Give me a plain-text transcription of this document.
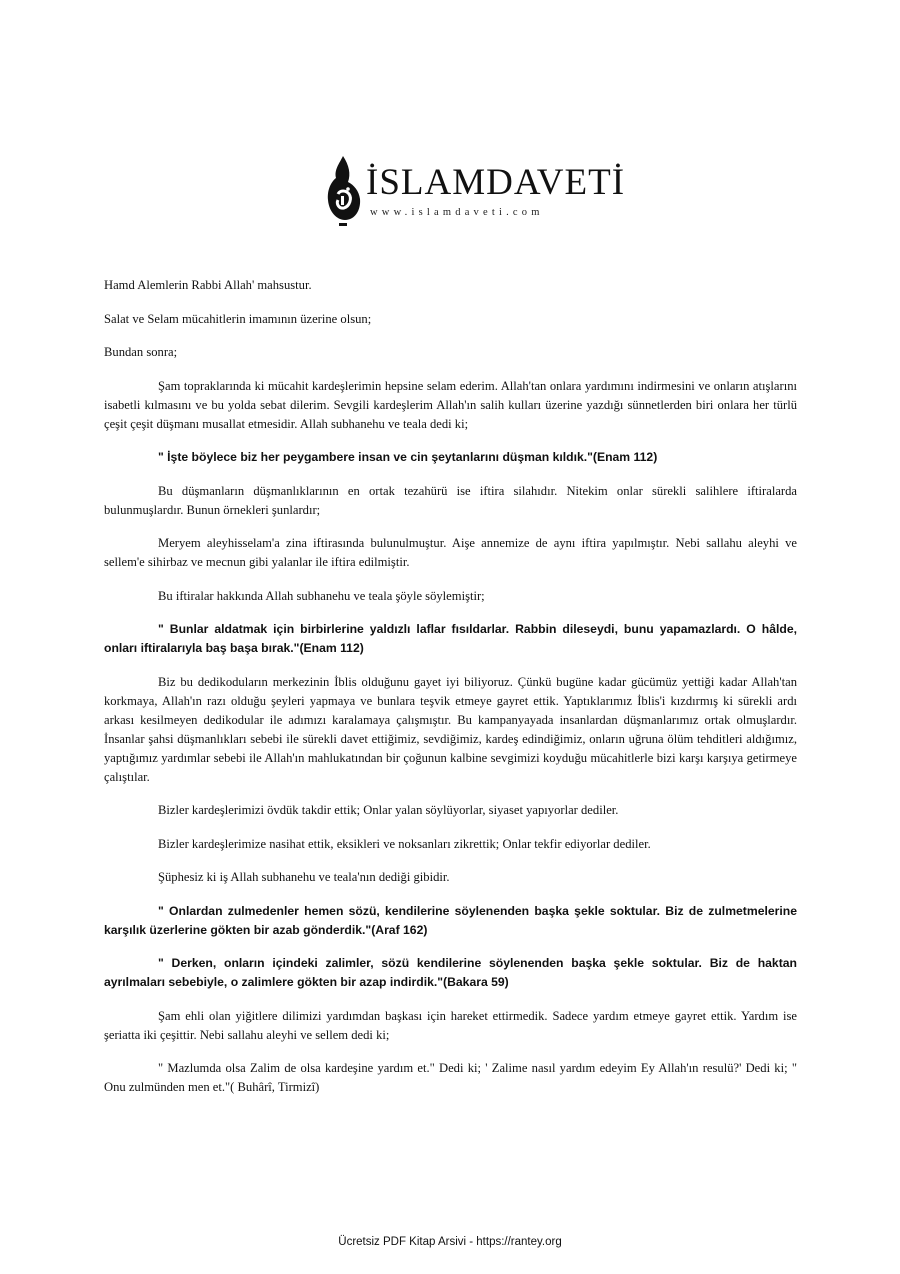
İSLAMDAVETİ
www.islamdaveti.com

Hamd Alemlerin Rabbi Allah' mahsustur.

Salat ve Selam mücahitlerin imamının üzerine olsun;

Bundan sonra;

Şam topraklarında ki mücahit kardeşlerimin hepsine selam ederim. Allah'tan onlara yardımını indirmesini ve onların atışlarını isabetli kılmasını ve bu yolda sebat dilerim. Sevgili kardeşlerim Allah'ın salih kulları üzerine yazdığı sünnetlerden biri onlara her türlü çeşit çeşit düşmanı musallat etmesidir. Allah subhanehu ve teala dedi ki;

" İşte böylece biz her peygambere insan ve cin şeytanlarını düşman kıldık."(Enam 112)

Bu düşmanların düşmanlıklarının en ortak tezahürü ise iftira silahıdır. Nitekim onlar sürekli salihlere iftiralarda bulunmuşlardır. Bunun örnekleri şunlardır;

Meryem aleyhisselam'a zina iftirasında bulunulmuştur. Aişe annemize de aynı iftira yapılmıştır. Nebi sallahu aleyhi ve sellem'e sihirbaz ve mecnun gibi yalanlar ile iftira edilmiştir.

Bu iftiralar hakkında Allah subhanehu ve teala şöyle söylemiştir;

" Bunlar aldatmak için birbirlerine yaldızlı laflar fısıldarlar. Rabbin dileseydi, bunu yapamazlardı. O hâlde, onları iftiralarıyla baş başa bırak."(Enam 112)

Biz bu dedikoduların merkezinin İblis olduğunu gayet iyi biliyoruz. Çünkü bugüne kadar gücümüz yettiği kadar Allah'tan korkmaya, Allah'ın razı olduğu şeyleri yapmaya ve bunlara teşvik etmeye gayret ettik. Yaptıklarımız İblis'i kızdırmış ki sürekli ardı arkası kesilmeyen dedikodular ile adımızı karalamaya çalışmıştır. Bu kampanyayada insanlardan düşmanlarımız ortak olmuşlardır. İnsanlar şahsi düşmanlıkları sebebi ile sürekli davet ettiğimiz, sevdiğimiz, kardeş edindiğimiz, onların uğruna ölüm tehditleri aldığımız, yaptığımız yardımlar sebebi ile Allah'ın mahlukatından bir çoğunun kalbine sevgimizi koyduğu mücahitlerle bizi karşı karşıya getirmeye çalıştılar.

Bizler kardeşlerimizi övdük takdir ettik; Onlar yalan söylüyorlar, siyaset yapıyorlar dediler.

Bizler kardeşlerimize nasihat ettik, eksikleri ve noksanları zikrettik; Onlar tekfir ediyorlar dediler.

Şüphesiz ki iş Allah subhanehu ve teala'nın dediği gibidir.

" Onlardan zulmedenler hemen sözü, kendilerine söylenenden başka şekle soktular. Biz de zulmetmelerine karşılık üzerlerine gökten bir azab gönderdik."(Araf 162)

" Derken, onların içindeki zalimler, sözü kendilerine söylenenden başka şekle soktular. Biz de haktan ayrılmaları sebebiyle, o zalimlere gökten bir azap indirdik."(Bakara 59)

Şam ehli olan yiğitlere dilimizi yardımdan başkası için hareket ettirmedik. Sadece yardım etmeye gayret ettik. Yardım ise şeriatta iki çeşittir. Nebi sallahu aleyhi ve sellem dedi ki;

" Mazlumda olsa Zalim de olsa kardeşine yardım et." Dedi ki; ' Zalime nasıl yardım edeyim Ey Allah'ın resulü?' Dedi ki; " Onu zulmünden men et."( Buhârî, Tirmizî)

Ücretsiz PDF Kitap Arsivi - https://rantey.org
